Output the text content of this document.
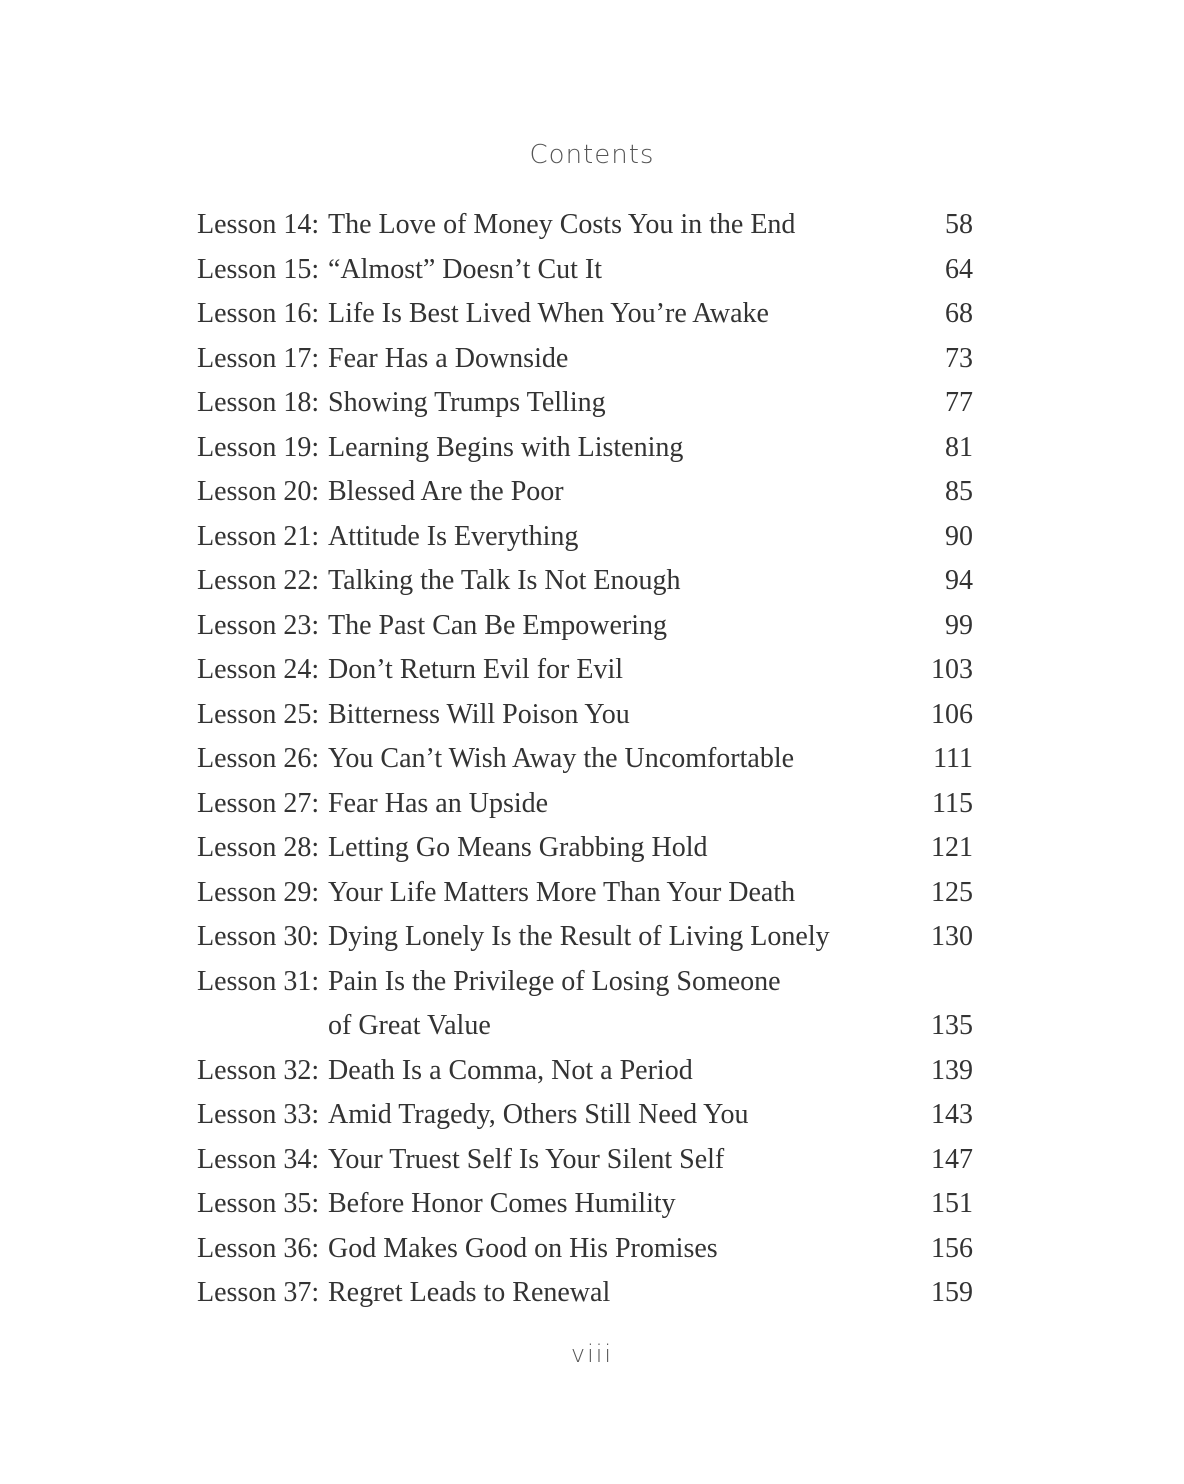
Contents
Lesson 14: The Love of Money Costs You in the End	58
Lesson 15: “Almost” Doesn’t Cut It	64
Lesson 16: Life Is Best Lived When You’re Awake	68
Lesson 17: Fear Has a Downside	73
Lesson 18: Showing Trumps Telling	77
Lesson 19: Learning Begins with Listening	81
Lesson 20: Blessed Are the Poor	85
Lesson 21: Attitude Is Everything	90
Lesson 22: Talking the Talk Is Not Enough	94
Lesson 23: The Past Can Be Empowering	99
Lesson 24: Don’t Return Evil for Evil	103
Lesson 25: Bitterness Will Poison You	106
Lesson 26: You Can’t Wish Away the Uncomfortable	111
Lesson 27: Fear Has an Upside	115
Lesson 28: Letting Go Means Grabbing Hold	121
Lesson 29: Your Life Matters More Than Your Death	125
Lesson 30: Dying Lonely Is the Result of Living Lonely	130
Lesson 31: Pain Is the Privilege of Losing Someone
of Great Value	135
Lesson 32: Death Is a Comma, Not a Period	139
Lesson 33: Amid Tragedy, Others Still Need You	143
Lesson 34: Your Truest Self Is Your Silent Self	147
Lesson 35: Before Honor Comes Humility	151
Lesson 36: God Makes Good on His Promises	156
Lesson 37: Regret Leads to Renewal	159
viii
